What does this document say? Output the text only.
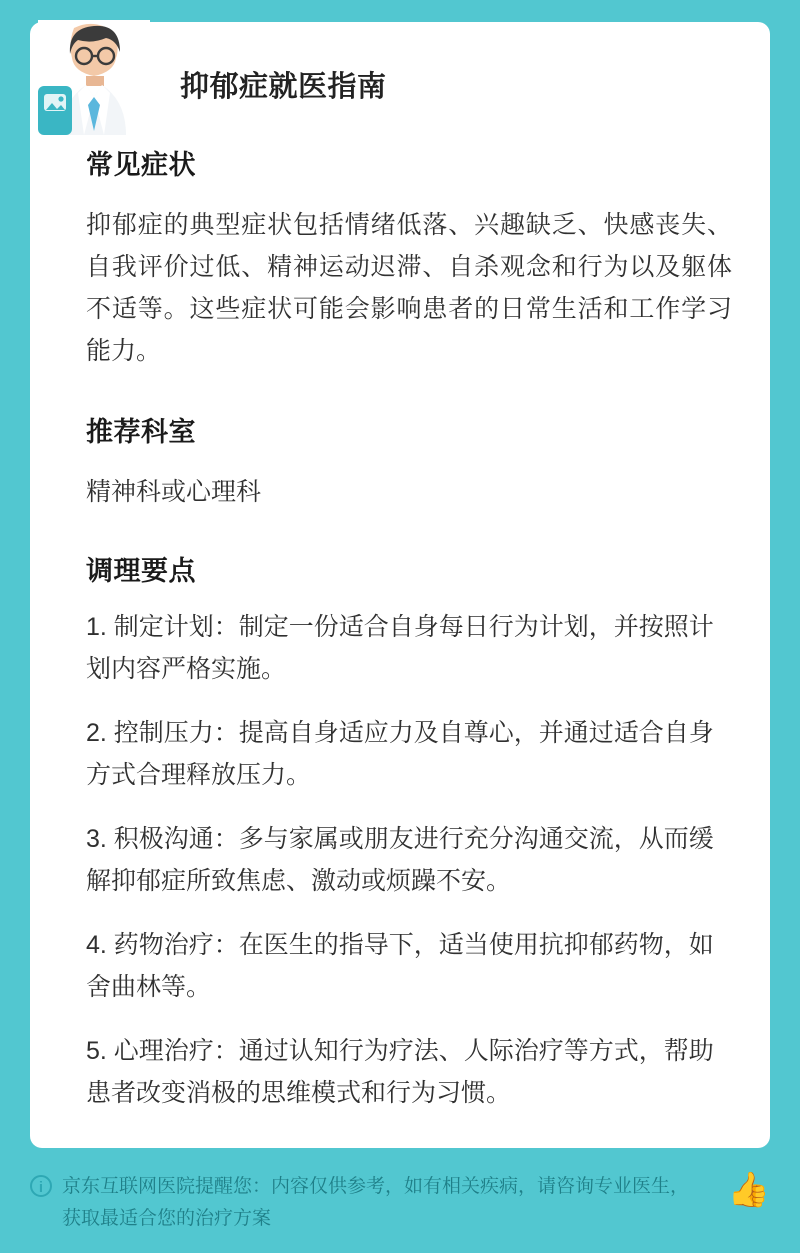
抑郁症就医指南
常见症状

抑郁症的典型症状包括情绪低落、兴趣缺乏、快感丧失、自我评价过低、精神运动迟滞、自杀观念和行为以及躯体不适等。这些症状可能会影响患者的日常生活和工作学习能力。

推荐科室

精神科或心理科

调理要点
1. 制定计划：制定一份适合自身每日行为计划，并按照计划内容严格实施。
2. 控制压力：提高自身适应力及自尊心，并通过适合自身方式合理释放压力。
3. 积极沟通：多与家属或朋友进行充分沟通交流，从而缓解抑郁症所致焦虑、激动或烦躁不安。
4. 药物治疗：在医生的指导下，适当使用抗抑郁药物，如舍曲林等。
5. 心理治疗：通过认知行为疗法、人际治疗等方式，帮助患者改变消极的思维模式和行为习惯。
i 京东互联网医院提醒您：内容仅供参考，如有相关疾病，请咨询专业医生，获取最适合您的治疗方案
👍
